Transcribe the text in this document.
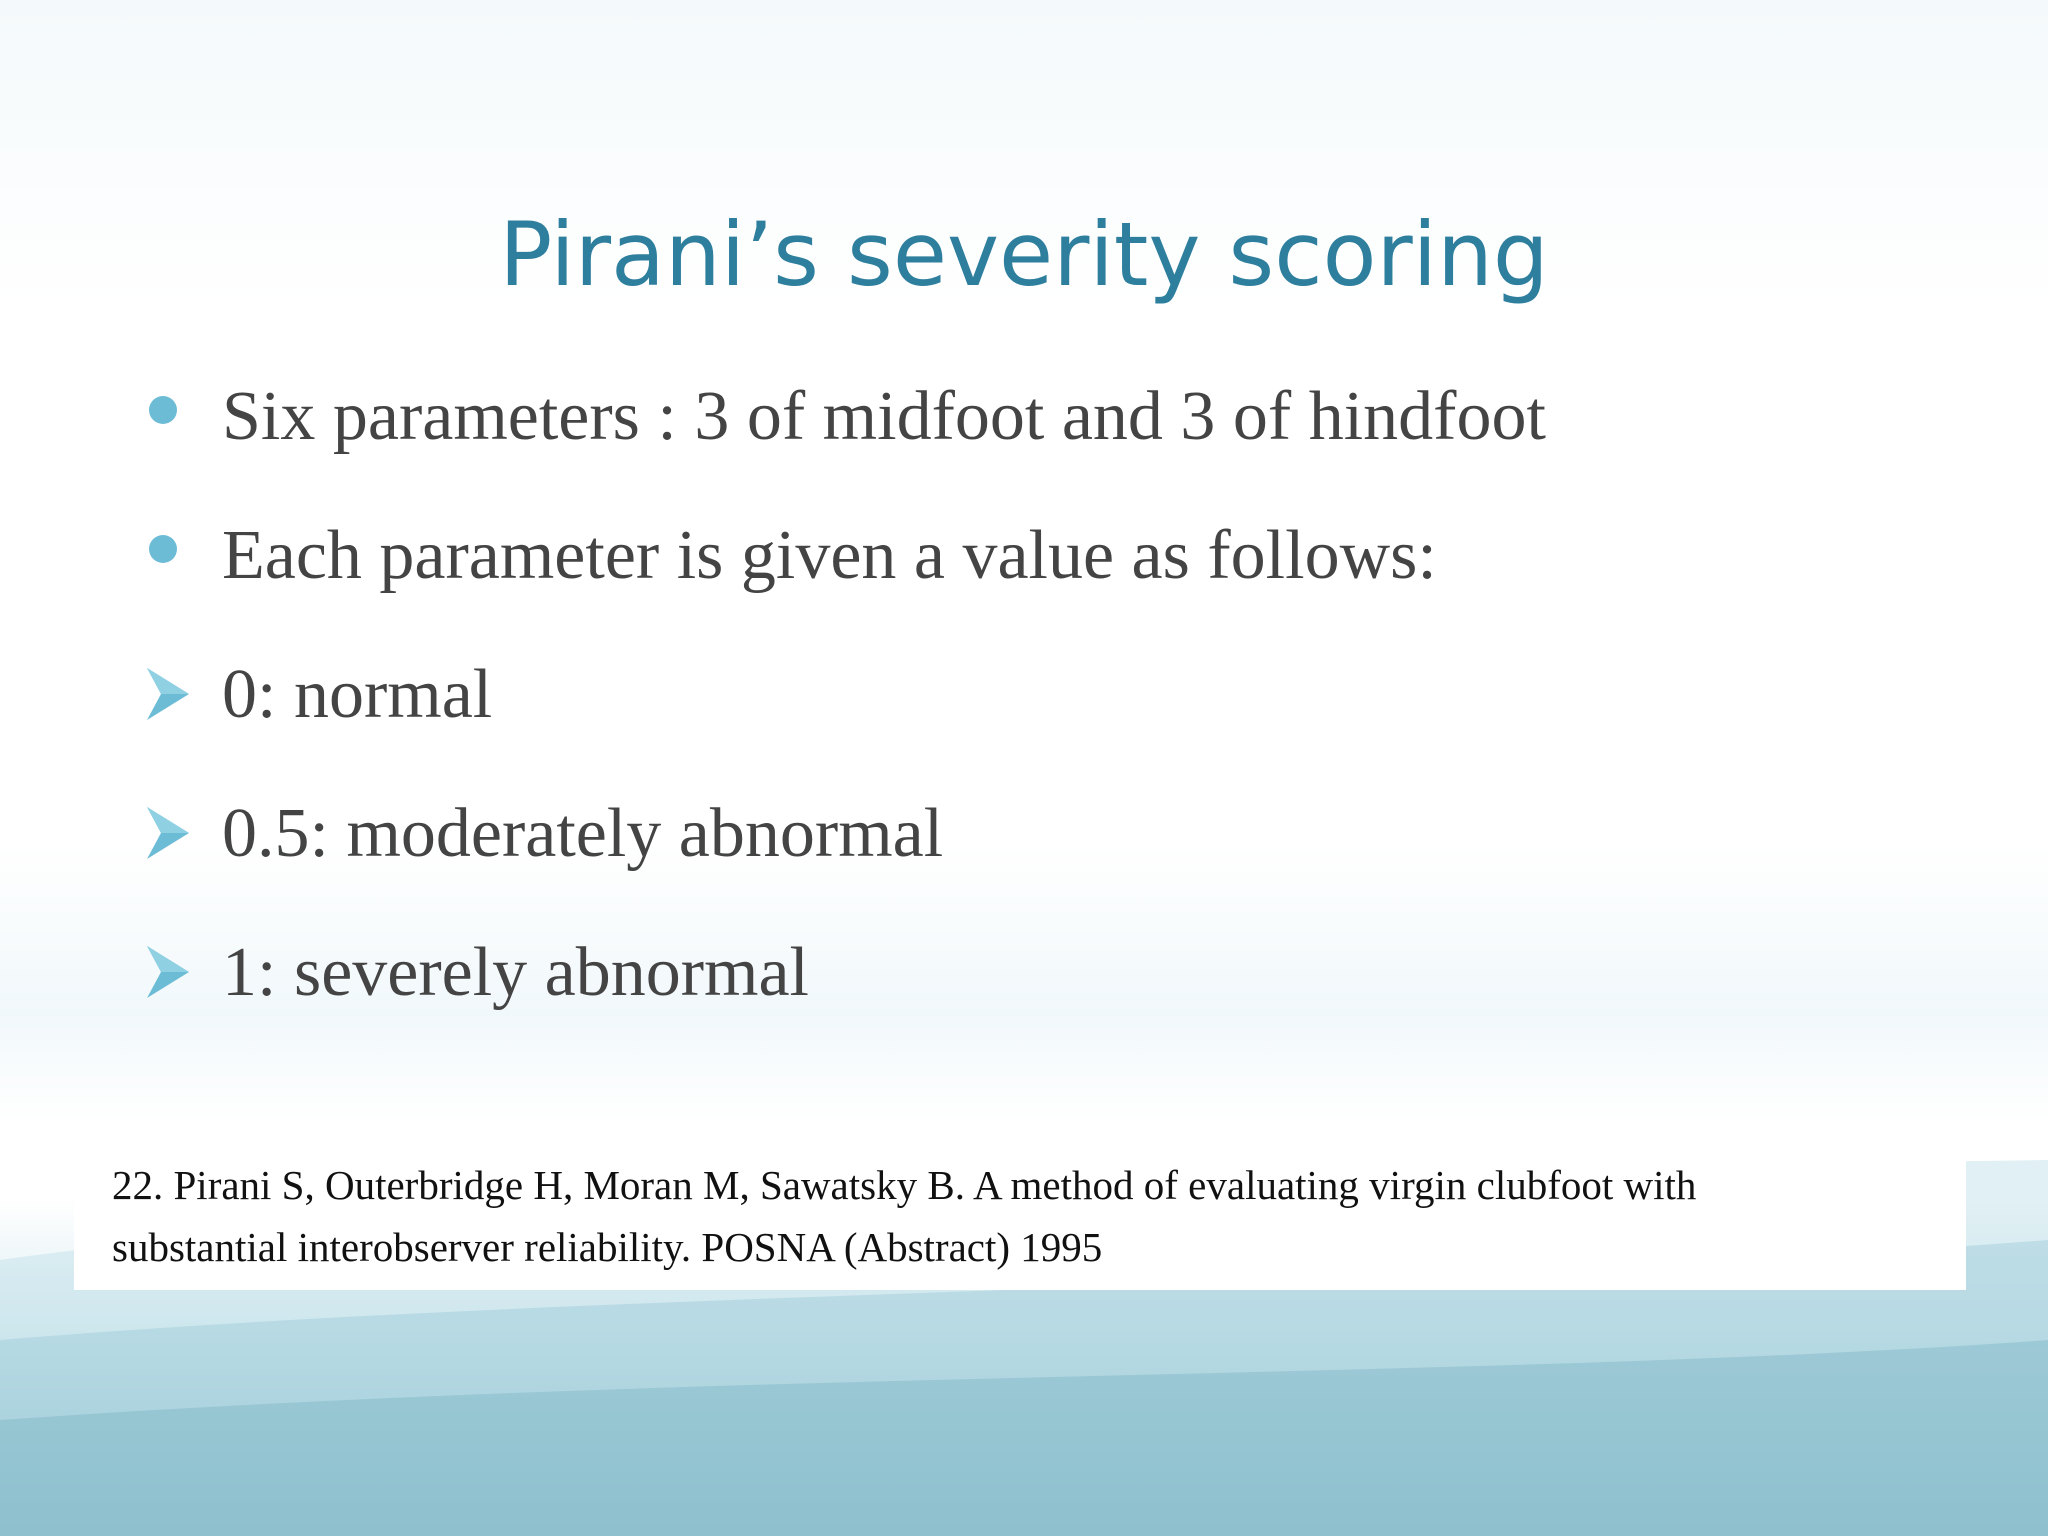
Pirani’s severity scoring
Six parameters : 3 of midfoot and 3 of hindfoot
Each parameter is given a value as follows:
0: normal
0.5: moderately abnormal
1: severely abnormal
22. Pirani S, Outerbridge H, Moran M, Sawatsky B. A method of evaluating virgin clubfoot with
substantial interobserver reliability. POSNA (Abstract) 1995
